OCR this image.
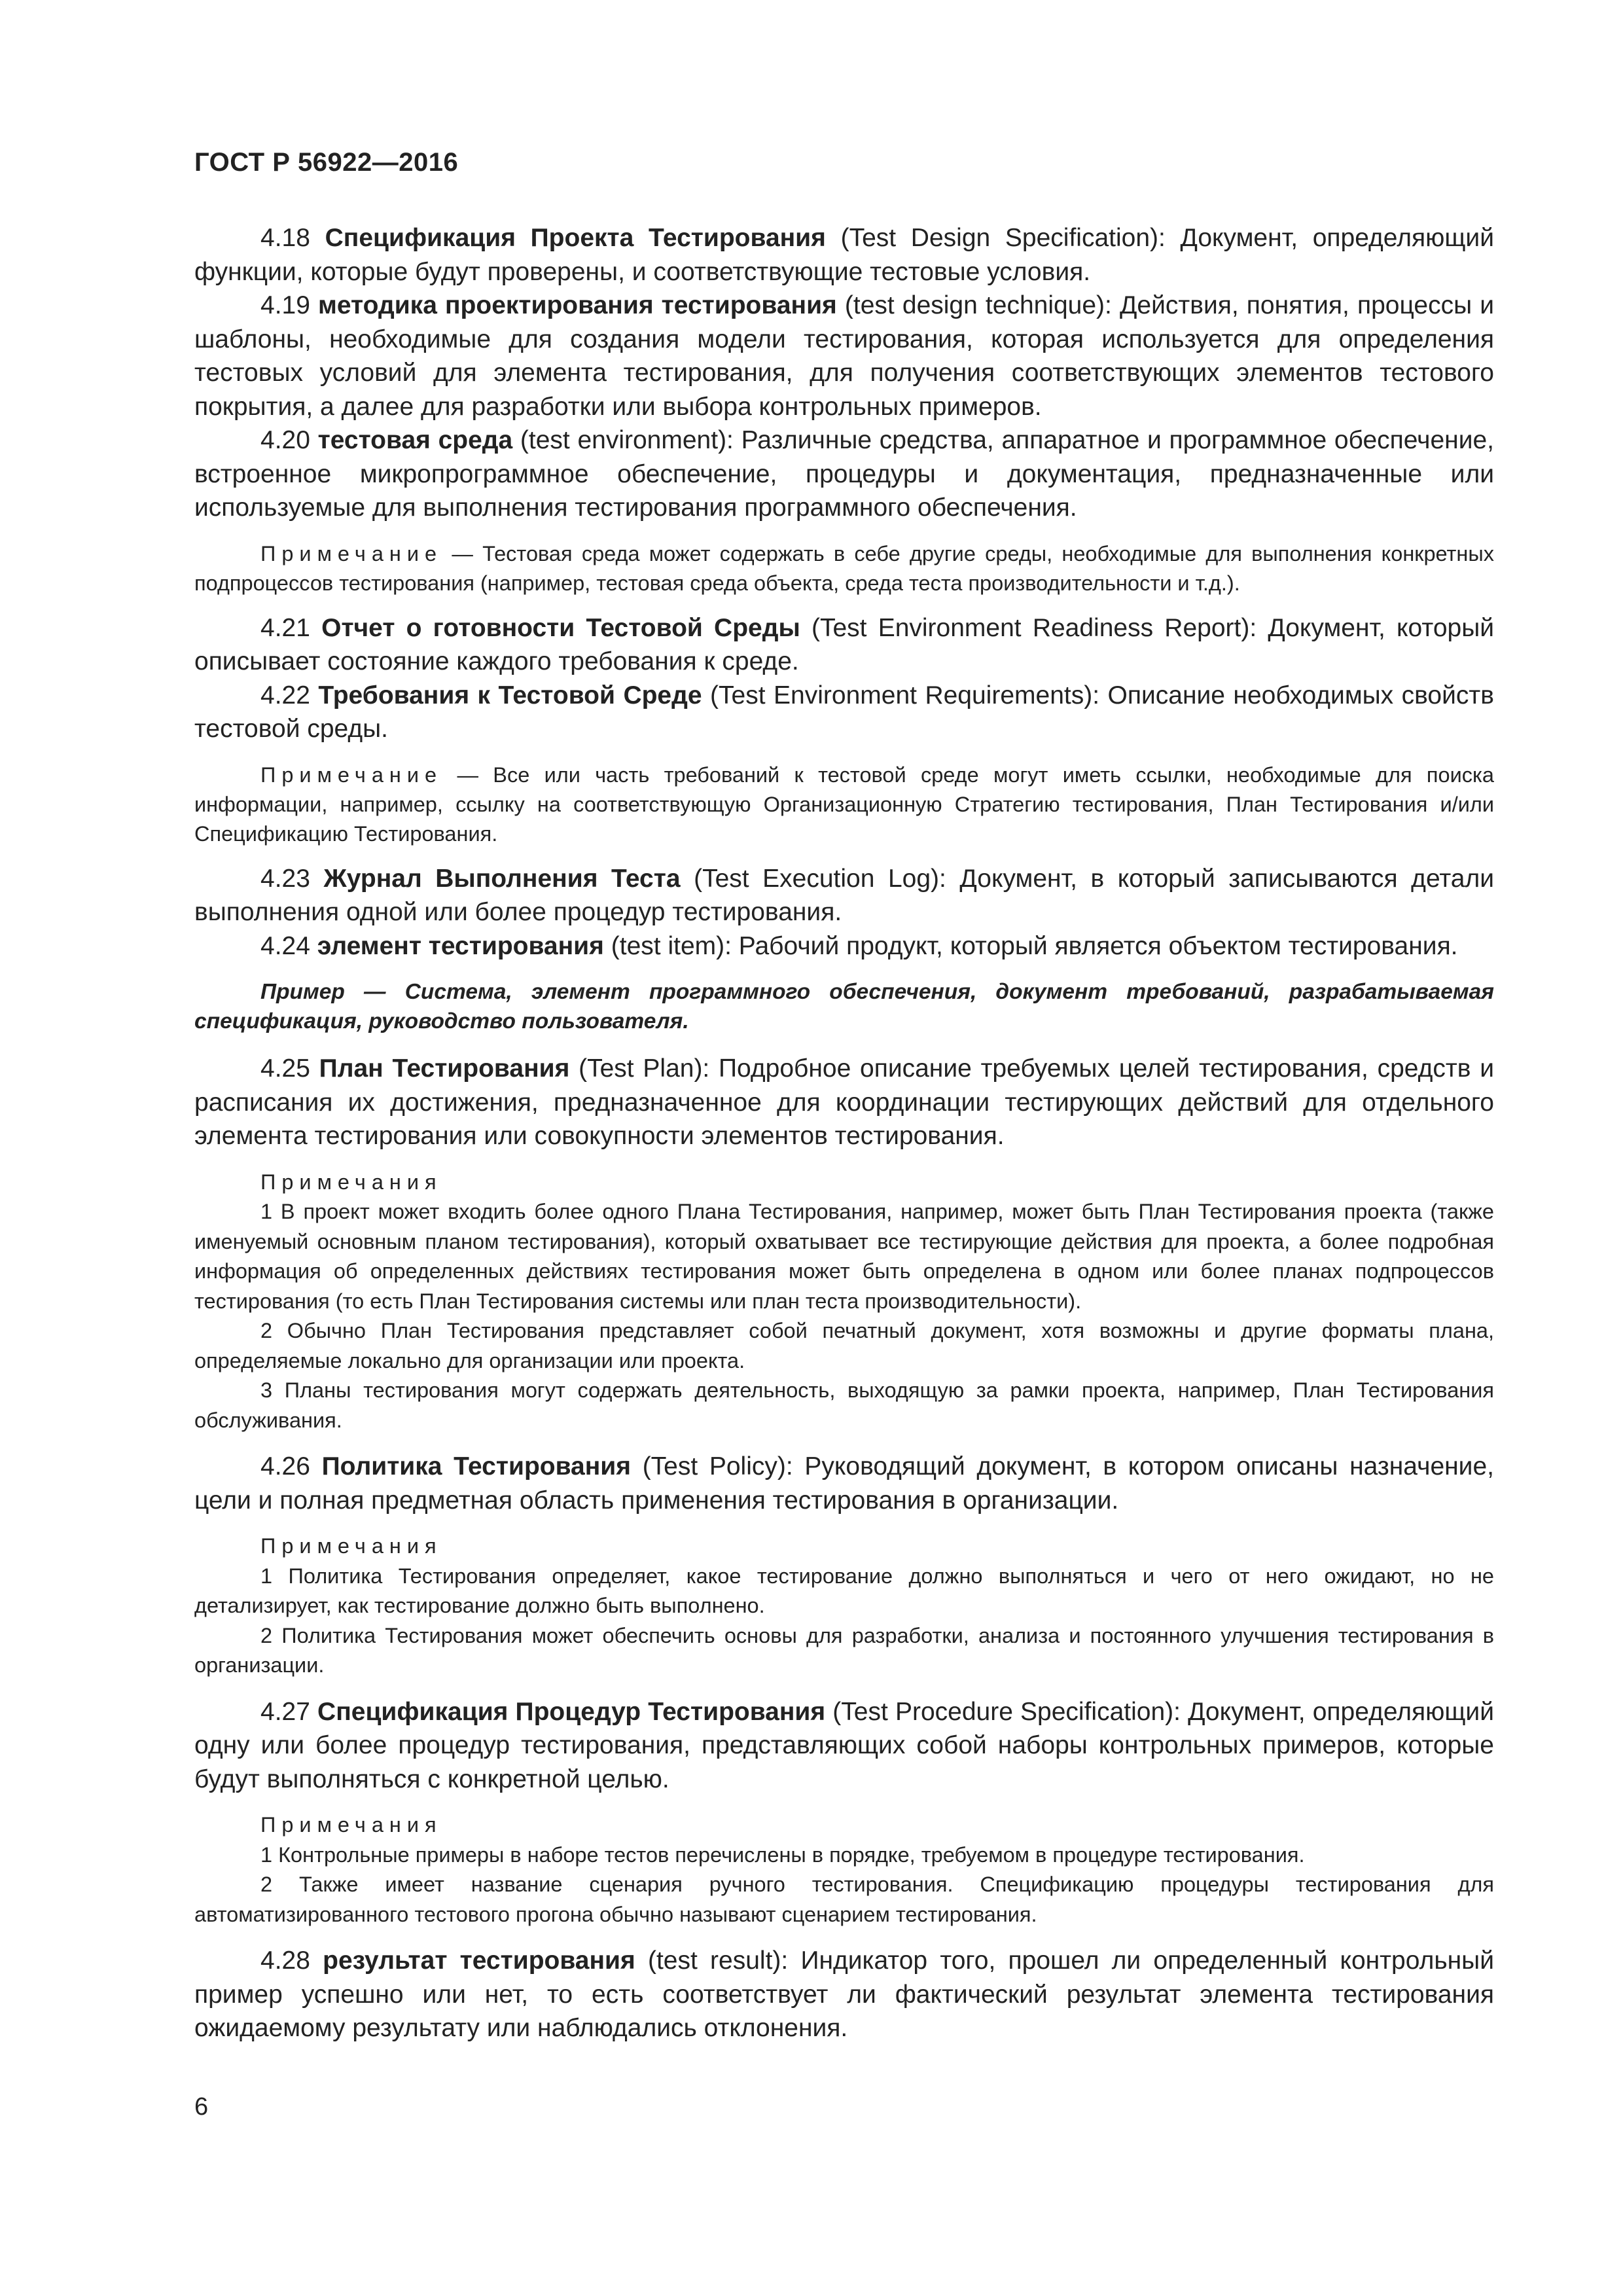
ГОСТ Р 56922—2016

4.18 Спецификация Проекта Тестирования (Test Design Specification): Документ, определяющий функции, которые будут проверены, и соответствующие тестовые условия.

4.19 методика проектирования тестирования (test design technique): Действия, понятия, процессы и шаблоны, необходимые для создания модели тестирования, которая используется для определения тестовых условий для элемента тестирования, для получения соответствующих элементов тестового покрытия, а далее для разработки или выбора контрольных примеров.

4.20 тестовая среда (test environment): Различные средства, аппаратное и программное обеспечение, встроенное микропрограммное обеспечение, процедуры и документация, предназначенные или используемые для выполнения тестирования программного обеспечения.

Примечание — Тестовая среда может содержать в себе другие среды, необходимые для выполнения конкретных подпроцессов тестирования (например, тестовая среда объекта, среда теста производительности и т.д.).

4.21 Отчет о готовности Тестовой Среды (Test Environment Readiness Report): Документ, который описывает состояние каждого требования к среде.

4.22 Требования к Тестовой Среде (Test Environment Requirements): Описание необходимых свойств тестовой среды.

Примечание — Все или часть требований к тестовой среде могут иметь ссылки, необходимые для поиска информации, например, ссылку на соответствующую Организационную Стратегию тестирования, План Тестирования и/или Спецификацию Тестирования.

4.23 Журнал Выполнения Теста (Test Execution Log): Документ, в который записываются детали выполнения одной или более процедур тестирования.

4.24 элемент тестирования (test item): Рабочий продукт, который является объектом тестирования.

Пример — Система, элемент программного обеспечения, документ требований, разрабатываемая спецификация, руководство пользователя.

4.25 План Тестирования (Test Plan): Подробное описание требуемых целей тестирования, средств и расписания их достижения, предназначенное для координации тестирующих действий для отдельного элемента тестирования или совокупности элементов тестирования.

Примечания
1 В проект может входить более одного Плана Тестирования, например, может быть План Тестирования проекта (также именуемый основным планом тестирования), который охватывает все тестирующие действия для проекта, а более подробная информация об определенных действиях тестирования может быть определена в одном или более планах подпроцессов тестирования (то есть План Тестирования системы или план теста производительности).
2 Обычно План Тестирования представляет собой печатный документ, хотя возможны и другие форматы плана, определяемые локально для организации или проекта.
3 Планы тестирования могут содержать деятельность, выходящую за рамки проекта, например, План Тестирования обслуживания.

4.26 Политика Тестирования (Test Policy): Руководящий документ, в котором описаны назначение, цели и полная предметная область применения тестирования в организации.

Примечания
1 Политика Тестирования определяет, какое тестирование должно выполняться и чего от него ожидают, но не детализирует, как тестирование должно быть выполнено.
2 Политика Тестирования может обеспечить основы для разработки, анализа и постоянного улучшения тестирования в организации.

4.27 Спецификация Процедур Тестирования (Test Procedure Specification): Документ, определяющий одну или более процедур тестирования, представляющих собой наборы контрольных примеров, которые будут выполняться с конкретной целью.

Примечания
1 Контрольные примеры в наборе тестов перечислены в порядке, требуемом в процедуре тестирования.
2 Также имеет название сценария ручного тестирования. Спецификацию процедуры тестирования для автоматизированного тестового прогона обычно называют сценарием тестирования.

4.28 результат тестирования (test result): Индикатор того, прошел ли определенный контрольный пример успешно или нет, то есть соответствует ли фактический результат элемента тестирования ожидаемому результату или наблюдались отклонения.

6
